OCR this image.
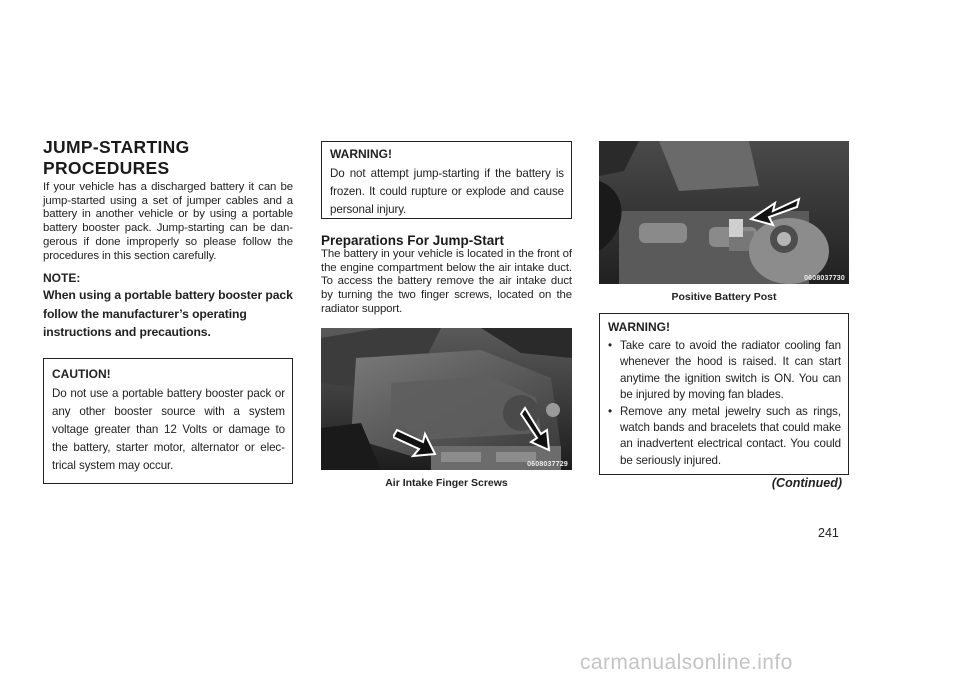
JUMP-STARTING
PROCEDURES

If your vehicle has a discharged battery it can be jump-started using a set of jumper cables and a battery in another vehicle or by using a portable battery booster pack. Jump-starting can be dangerous if done improperly so please follow the procedures in this section carefully.

NOTE:

When using a portable battery booster pack follow the manufacturer’s operating instructions and precautions.

CAUTION!

Do not use a portable battery booster pack or any other booster source with a system voltage greater than 12 Volts or damage to the battery, starter motor, alternator or electrical system may occur.

WARNING!

Do not attempt jump-starting if the battery is frozen. It could rupture or explode and cause personal injury.

Preparations For Jump-Start

The battery in your vehicle is located in the front of the engine compartment below the air intake duct. To access the battery remove the air intake duct by turning the two finger screws, located on the radiator support.

0608037729
Air Intake Finger Screws
0608037730
Positive Battery Post
WARNING!
• Take care to avoid the radiator cooling fan whenever the hood is raised. It can start anytime the ignition switch is ON. You can be injured by moving fan blades.
• Remove any metal jewelry such as rings, watch bands and bracelets that could make an inadvertent electrical contact. You could be seriously injured.
(Continued)
241
carmanualsonline.info
